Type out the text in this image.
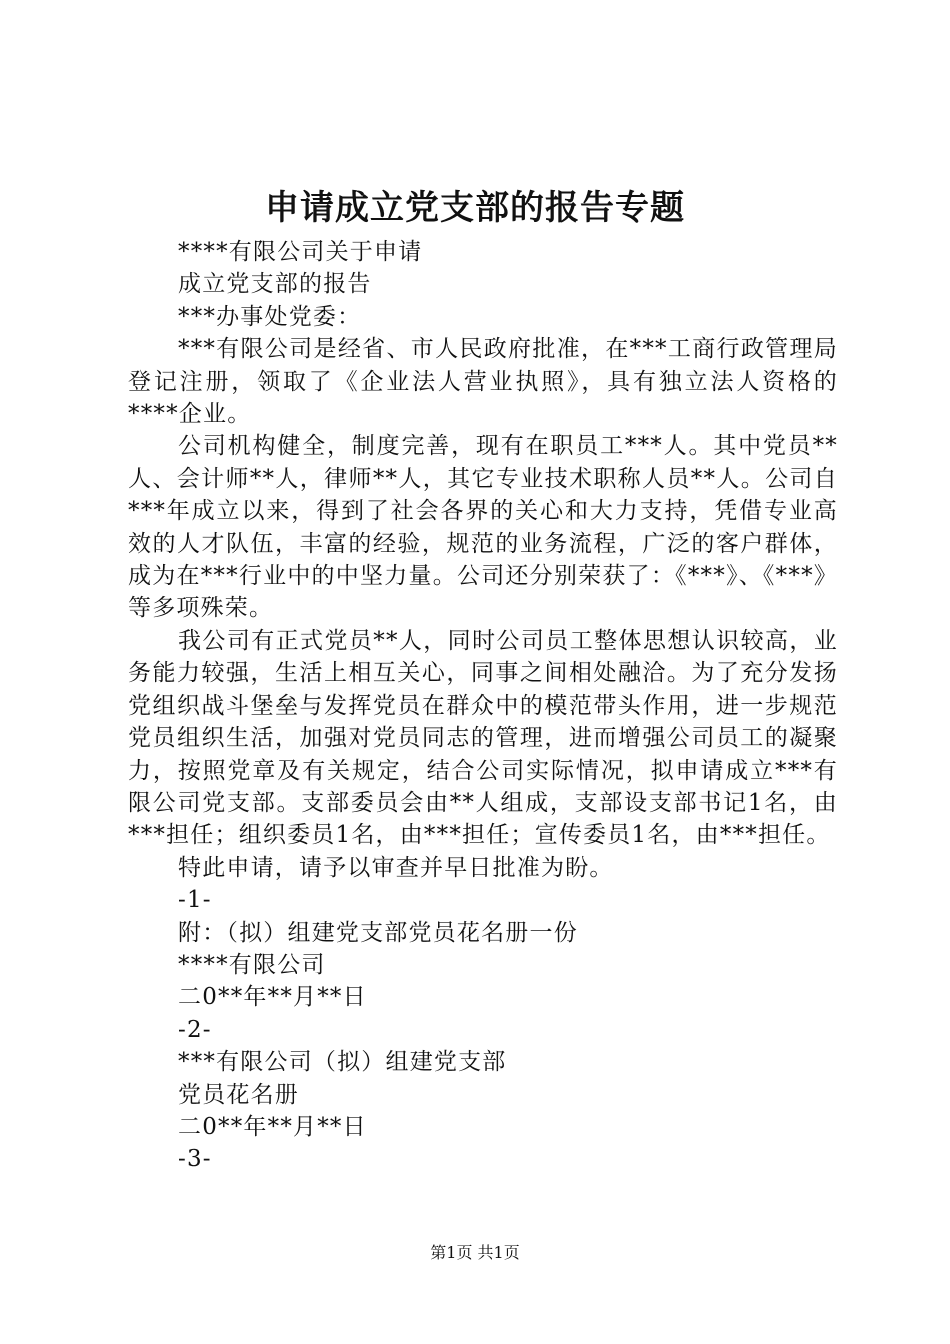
申请成立党支部的报告专题

****有限公司关于申请

成立党支部的报告

***办事处党委：

***有限公司是经省、市人民政府批准，在***工商行政管理局登记注册，领取了《企业法人营业执照》，具有独立法人资格的****企业。

公司机构健全，制度完善，现有在职员工***人。其中党员**人、会计师**人，律师**人，其它专业技术职称人员**人。公司自***年成立以来，得到了社会各界的关心和大力支持，凭借专业高效的人才队伍，丰富的经验，规范的业务流程，广泛的客户群体，成为在***行业中的中坚力量。公司还分别荣获了：《***》、《***》等多项殊荣。

我公司有正式党员**人，同时公司员工整体思想认识较高，业务能力较强，生活上相互关心，同事之间相处融洽。为了充分发扬党组织战斗堡垒与发挥党员在群众中的模范带头作用，进一步规范党员组织生活，加强对党员同志的管理，进而增强公司员工的凝聚力，按照党章及有关规定，结合公司实际情况，拟申请成立***有限公司党支部。支部委员会由**人组成，支部设支部书记1名，由***担任；组织委员1名，由***担任；宣传委员1名，由***担任。

特此申请，请予以审查并早日批准为盼。

-1-

附：（拟）组建党支部党员花名册一份

****有限公司

二0**年**月**日

-2-

***有限公司（拟）组建党支部

党员花名册

二0**年**月**日

-3-

第1页 共1页
